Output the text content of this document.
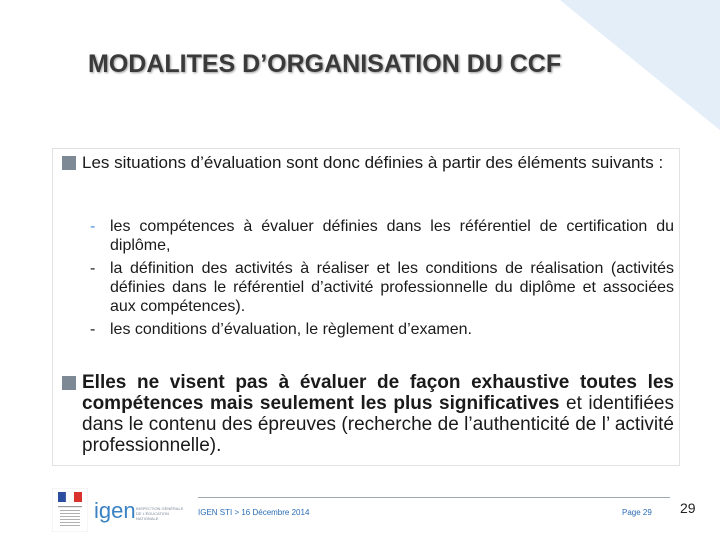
MODALITES D’ORGANISATION DU CCF
Les situations d’évaluation sont donc définies à partir des éléments suivants :
- les compétences à évaluer définies dans les référentiel de certification du diplôme,
- la définition des activités à réaliser et les conditions de réalisation (activités définies dans le référentiel d’activité professionnelle du diplôme et associées aux compétences).
- les conditions d’évaluation, le règlement d’examen.
Elles ne visent pas à évaluer de façon exhaustive toutes les compétences mais seulement les plus significatives et identifiées dans le contenu des épreuves (recherche de l’authenticité de l’ activité professionnelle).
igen INSPECTION GÉNÉRALE DE L'ÉDUCATION NATIONALE
IGEN STI > 16 Décembre 2014	Page 29 29
